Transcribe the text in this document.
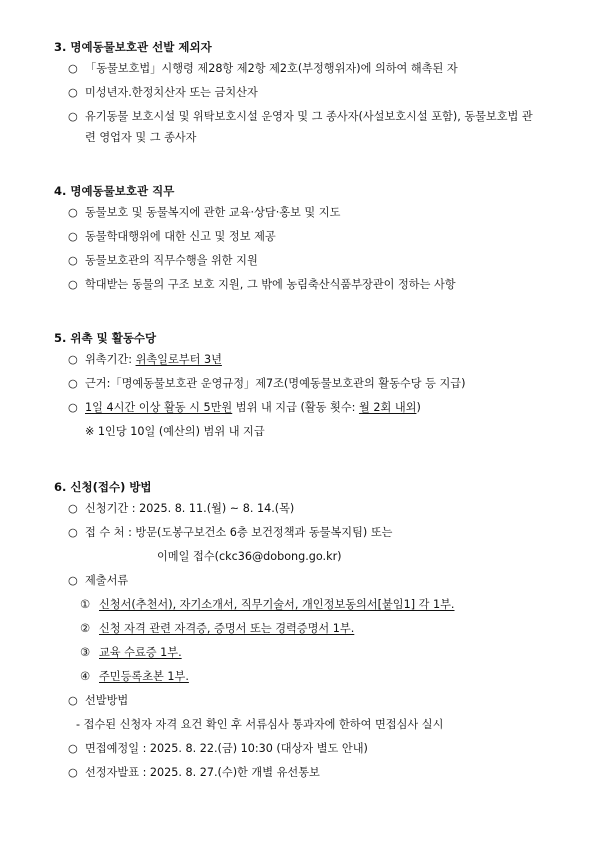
3. 명예동물보호관 선발 제외자
○ 「동물보호법」시행령 제28항 제2항 제2호(부정행위자)에 의하여 해촉된 자
○ 미성년자.한정치산자 또는 금치산자
○ 유기동물 보호시설 및 위탁보호시설 운영자 및 그 종사자(사설보호시설 포함), 동물보호법 관련 영업자 및 그 종사자
4. 명예동물보호관 직무
○ 동물보호 및 동물복지에 관한 교육·상담·홍보 및 지도
○ 동물학대행위에 대한 신고 및 정보 제공
○ 동물보호관의 직무수행을 위한 지원
○ 학대받는 동물의 구조 보호 지원, 그 밖에 농림축산식품부장관이 정하는 사항
5. 위촉 및 활동수당
○ 위촉기간: 위촉일로부터 3년
○ 근거:「명예동물보호관 운영규정」제7조(명예동물보호관의 활동수당 등 지급)
○ 1일 4시간 이상 활동 시 5만원 범위 내 지급 (활동 횟수: 월 2회 내외)
※ 1인당 10일 (예산의) 범위 내 지급
6. 신청(접수) 방법
○ 신청기간 : 2025. 8. 11.(월) ~ 8. 14.(목)
○ 접 수 처 : 방문(도봉구보건소 6층 보건정책과 동물복지팀) 또는
이메일 접수(ckc36@dobong.go.kr)
○ 제출서류
① 신청서(추천서), 자기소개서, 직무기술서, 개인정보동의서[붙임1] 각 1부.
② 신청 자격 관련 자격증, 증명서 또는 경력증명서 1부.
③ 교육 수료증 1부.
④ 주민등록초본 1부.
○ 선발방법
- 접수된 신청자 자격 요건 확인 후 서류심사 통과자에 한하여 면접심사 실시
○ 면접예정일 : 2025. 8. 22.(금) 10:30 (대상자 별도 안내)
○ 선정자발표 : 2025. 8. 27.(수)한 개별 유선통보
